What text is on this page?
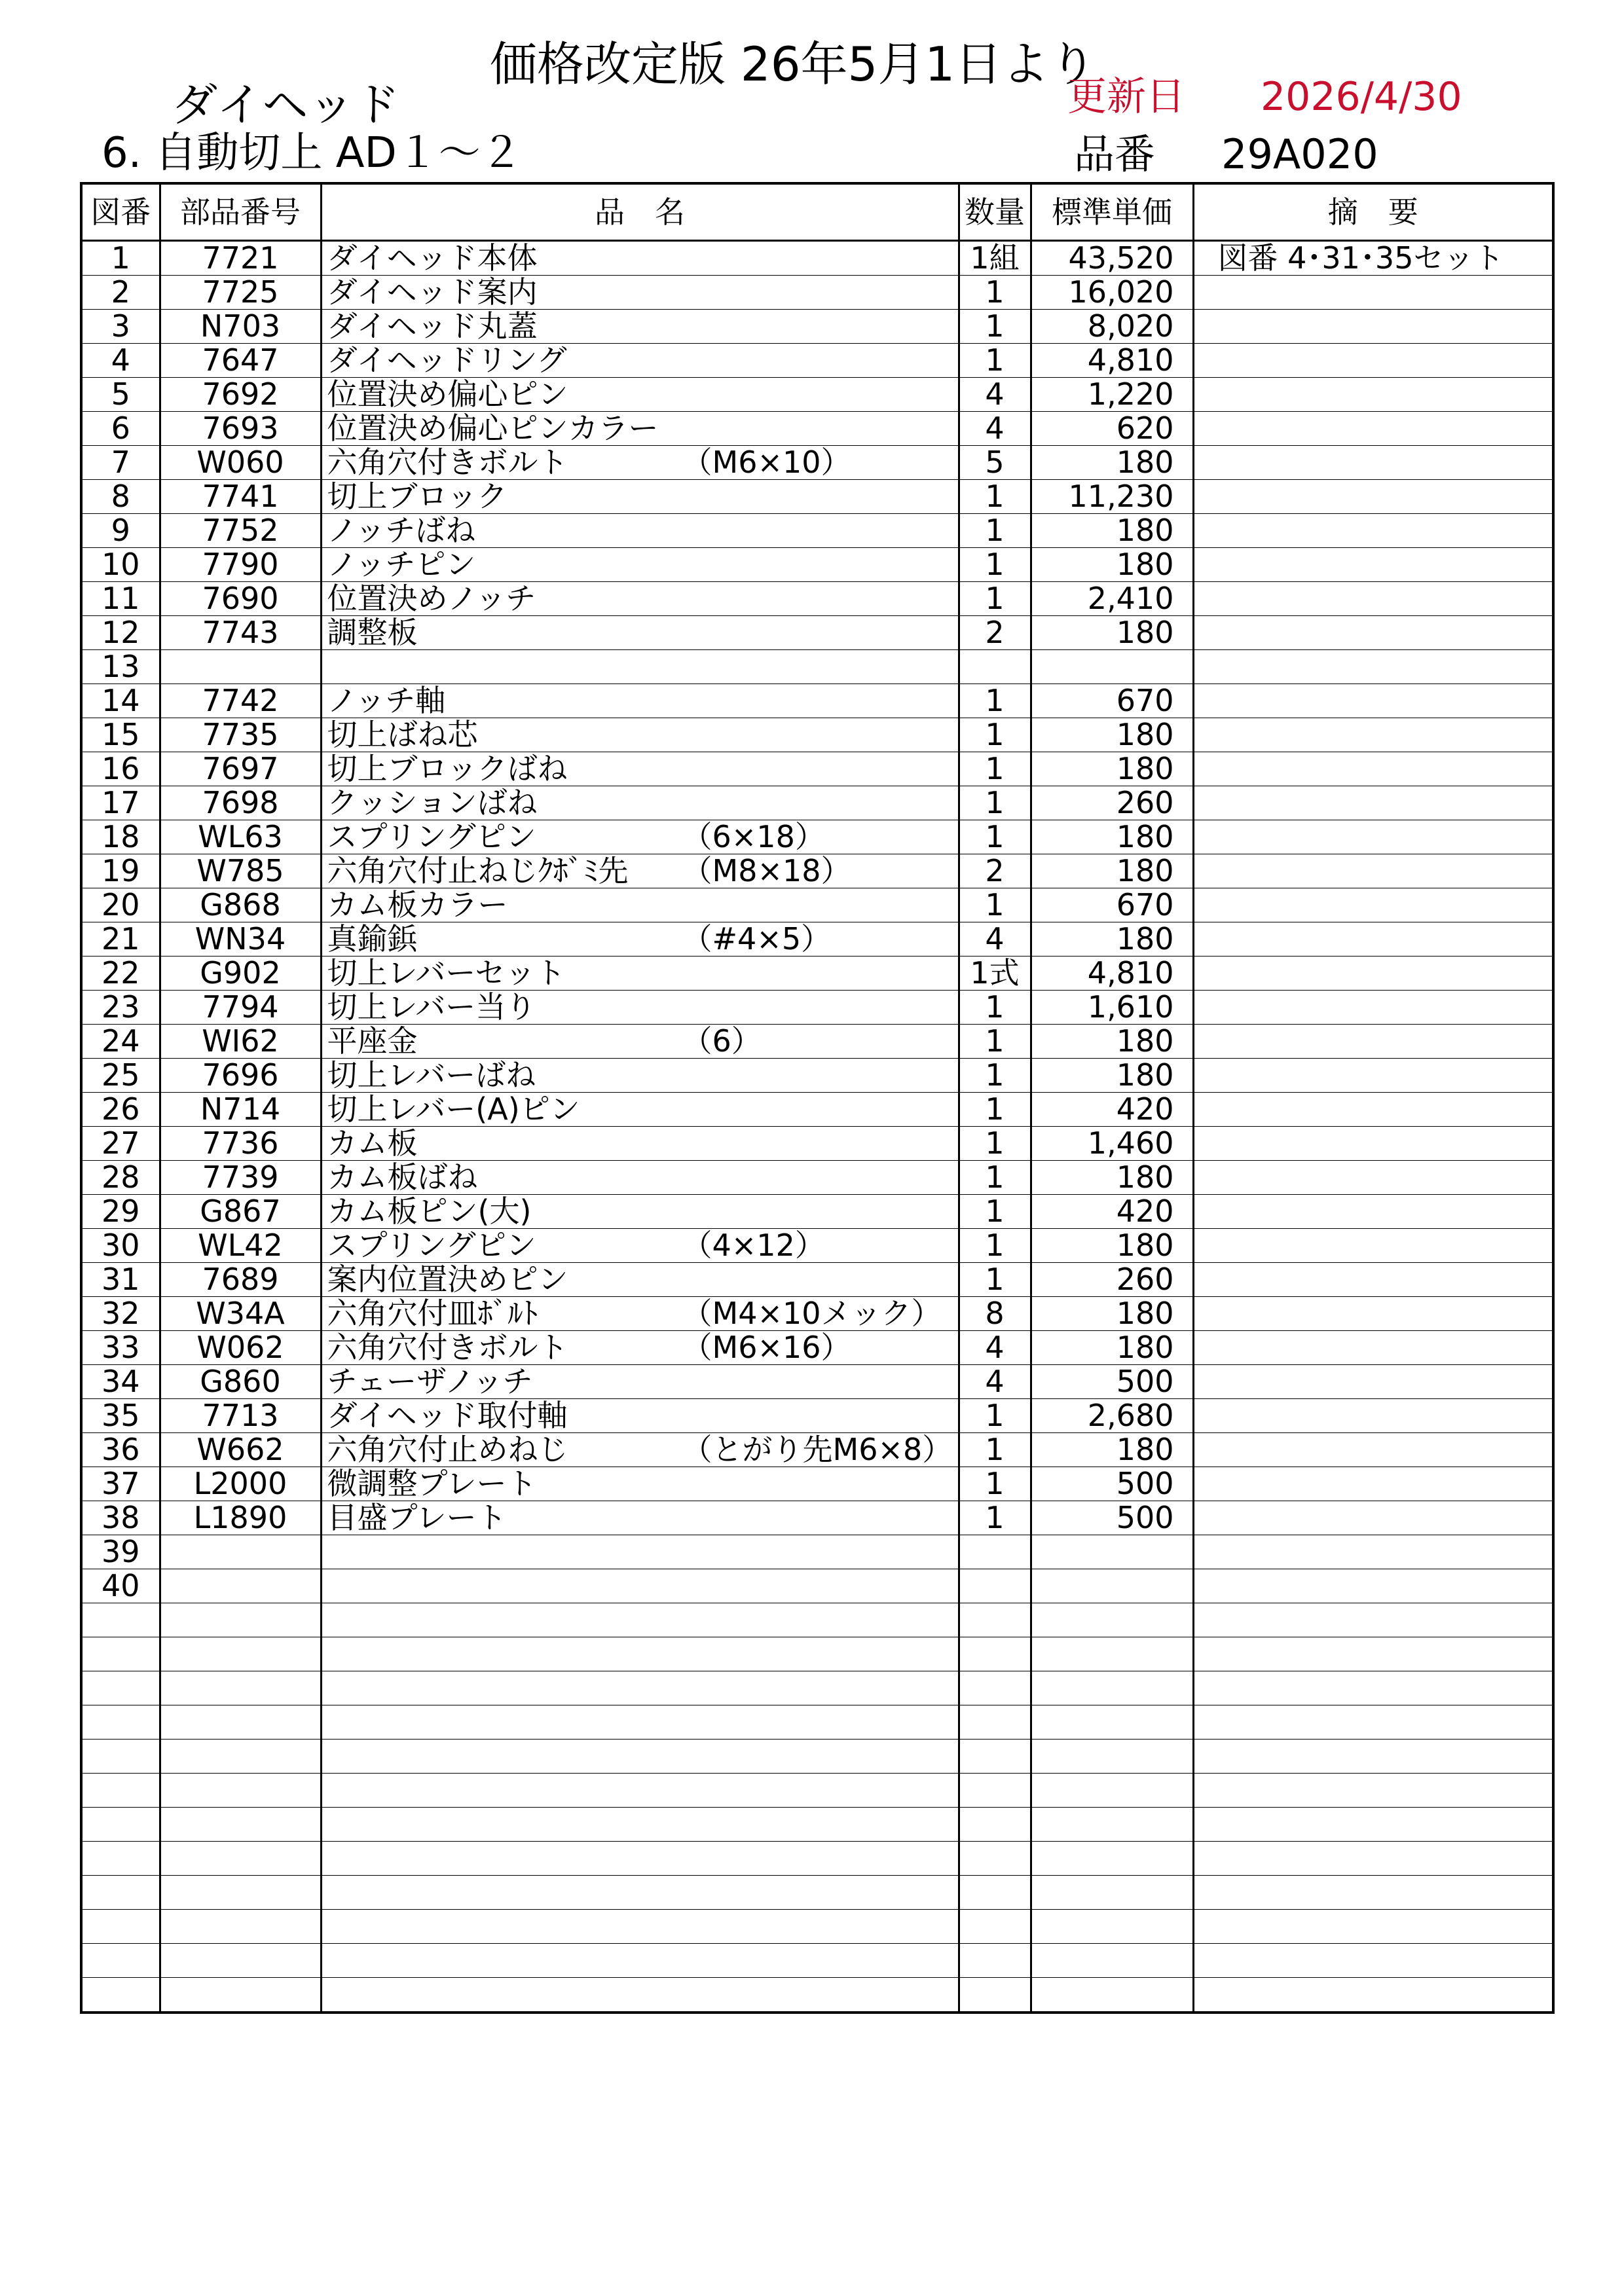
価格改定版 26年5月1日より
ダイヘッド
6. 自動切上 AD１～２
更新日 2026/4/30
品番 29A020
図番	部品番号	品　名	数量	標準単価	摘　要
1	7721	ダイヘッド本体	1組	43,520	図番 4･31･35セット
2	7725	ダイヘッド案内	1	16,020	
3	N703	ダイヘッド丸蓋	1	8,020	
4	7647	ダイヘッドリング	1	4,810	
5	7692	位置決め偏心ピン	4	1,220	
6	7693	位置決め偏心ピンカラー	4	620	
7	W060	六角穴付きボルト （M6×10）	5	180	
8	7741	切上ブロック	1	11,230	
9	7752	ノッチばね	1	180	
10	7790	ノッチピン	1	180	
11	7690	位置決めノッチ	1	2,410	
12	7743	調整板	2	180	
13		

14	7742	ノッチ軸	1	670	
15	7735	切上ばね芯	1	180	
16	7697	切上ブロックばね	1	180	
17	7698	クッションばね	1	260	
18	WL63	スプリングピン （6×18）	1	180	
19	W785	六角穴付止ねじｸﾎﾞﾐ先 （M8×18）	2	180	
20	G868	カム板カラー	1	670	
21	WN34	真鍮鋲 （#4×5）	4	180	
22	G902	切上レバーセット	1式	4,810	
23	7794	切上レバー当り	1	1,610	
24	WI62	平座金 （6）	1	180	
25	7696	切上レバーばね	1	180	
26	N714	切上レバー(A)ピン	1	420	
27	7736	カム板	1	1,460	
28	7739	カム板ばね	1	180	
29	G867	カム板ピン(大)	1	420	
30	WL42	スプリングピン （4×12）	1	180	
31	7689	案内位置決めピン	1	260	
32	W34A	六角穴付皿ﾎﾞﾙﾄ （M4×10メック）	8	180	
33	W062	六角穴付きボルト （M6×16）	4	180	
34	G860	チェーザノッチ	4	500	
35	7713	ダイヘッド取付軸	1	2,680	
36	W662	六角穴付止めねじ （とがり先M6×8）	1	180	
37	L2000	微調整プレート	1	500	
38	L1890	目盛プレート	1	500	
39		

40		
